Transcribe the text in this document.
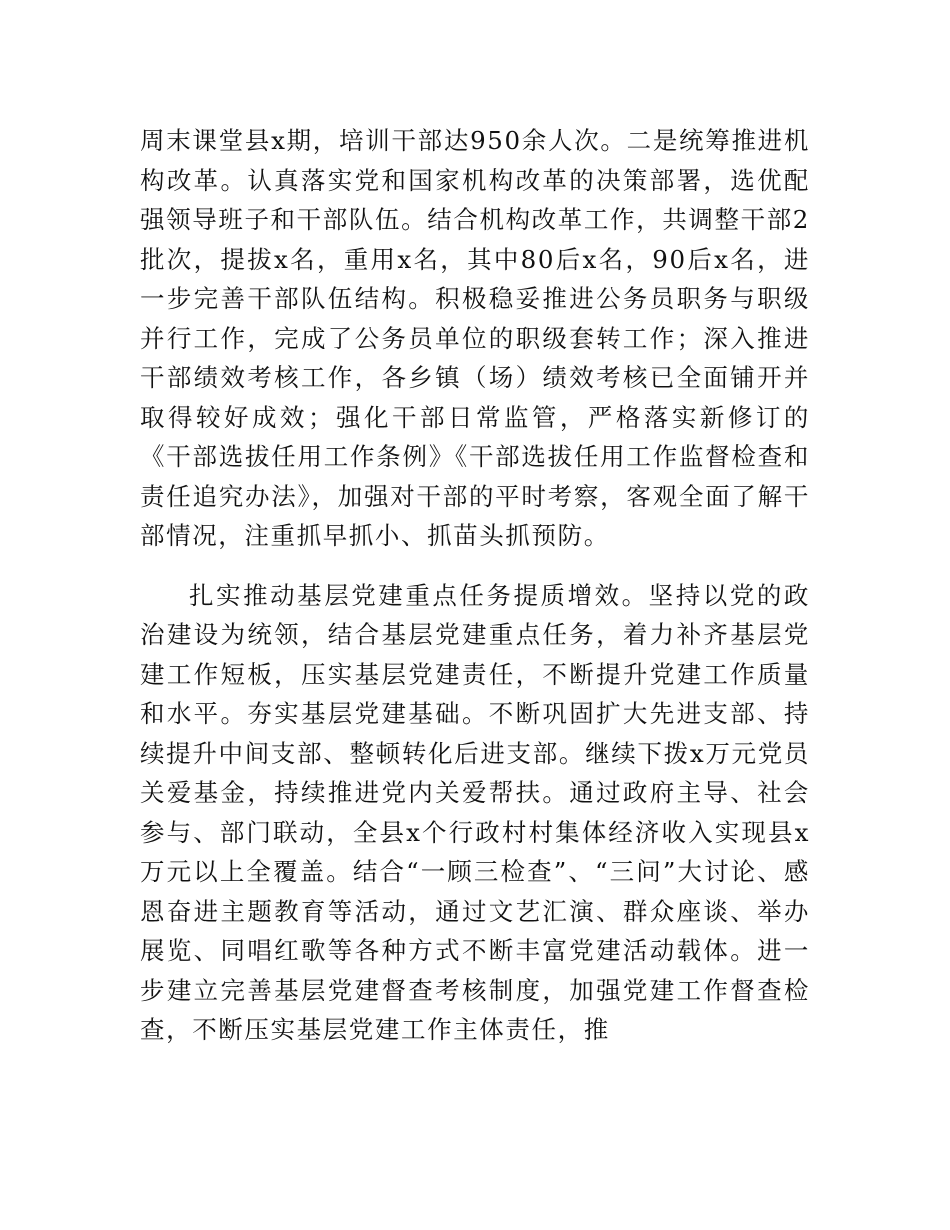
周末课堂县x期，培训干部达950余人次。二是统筹推进机构改革。认真落实党和国家机构改革的决策部署，选优配强领导班子和干部队伍。结合机构改革工作，共调整干部2批次，提拔x名，重用x名，其中80后x名，90后x名，进一步完善干部队伍结构。积极稳妥推进公务员职务与职级并行工作，完成了公务员单位的职级套转工作；深入推进干部绩效考核工作，各乡镇（场）绩效考核已全面铺开并取得较好成效；强化干部日常监管，严格落实新修订的《干部选拔任用工作条例》《干部选拔任用工作监督检查和责任追究办法》，加强对干部的平时考察，客观全面了解干部情况，注重抓早抓小、抓苗头抓预防。

扎实推动基层党建重点任务提质增效。坚持以党的政治建设为统领，结合基层党建重点任务，着力补齐基层党建工作短板，压实基层党建责任，不断提升党建工作质量和水平。夯实基层党建基础。不断巩固扩大先进支部、持续提升中间支部、整顿转化后进支部。继续下拨x万元党员关爱基金，持续推进党内关爱帮扶。通过政府主导、社会参与、部门联动，全县x个行政村村集体经济收入实现县x万元以上全覆盖。结合“一顾三检查”、“三问”大讨论、感恩奋进主题教育等活动，通过文艺汇演、群众座谈、举办展览、同唱红歌等各种方式不断丰富党建活动载体。进一步建立完善基层党建督查考核制度，加强党建工作督查检查，不断压实基层党建工作主体责任，推
